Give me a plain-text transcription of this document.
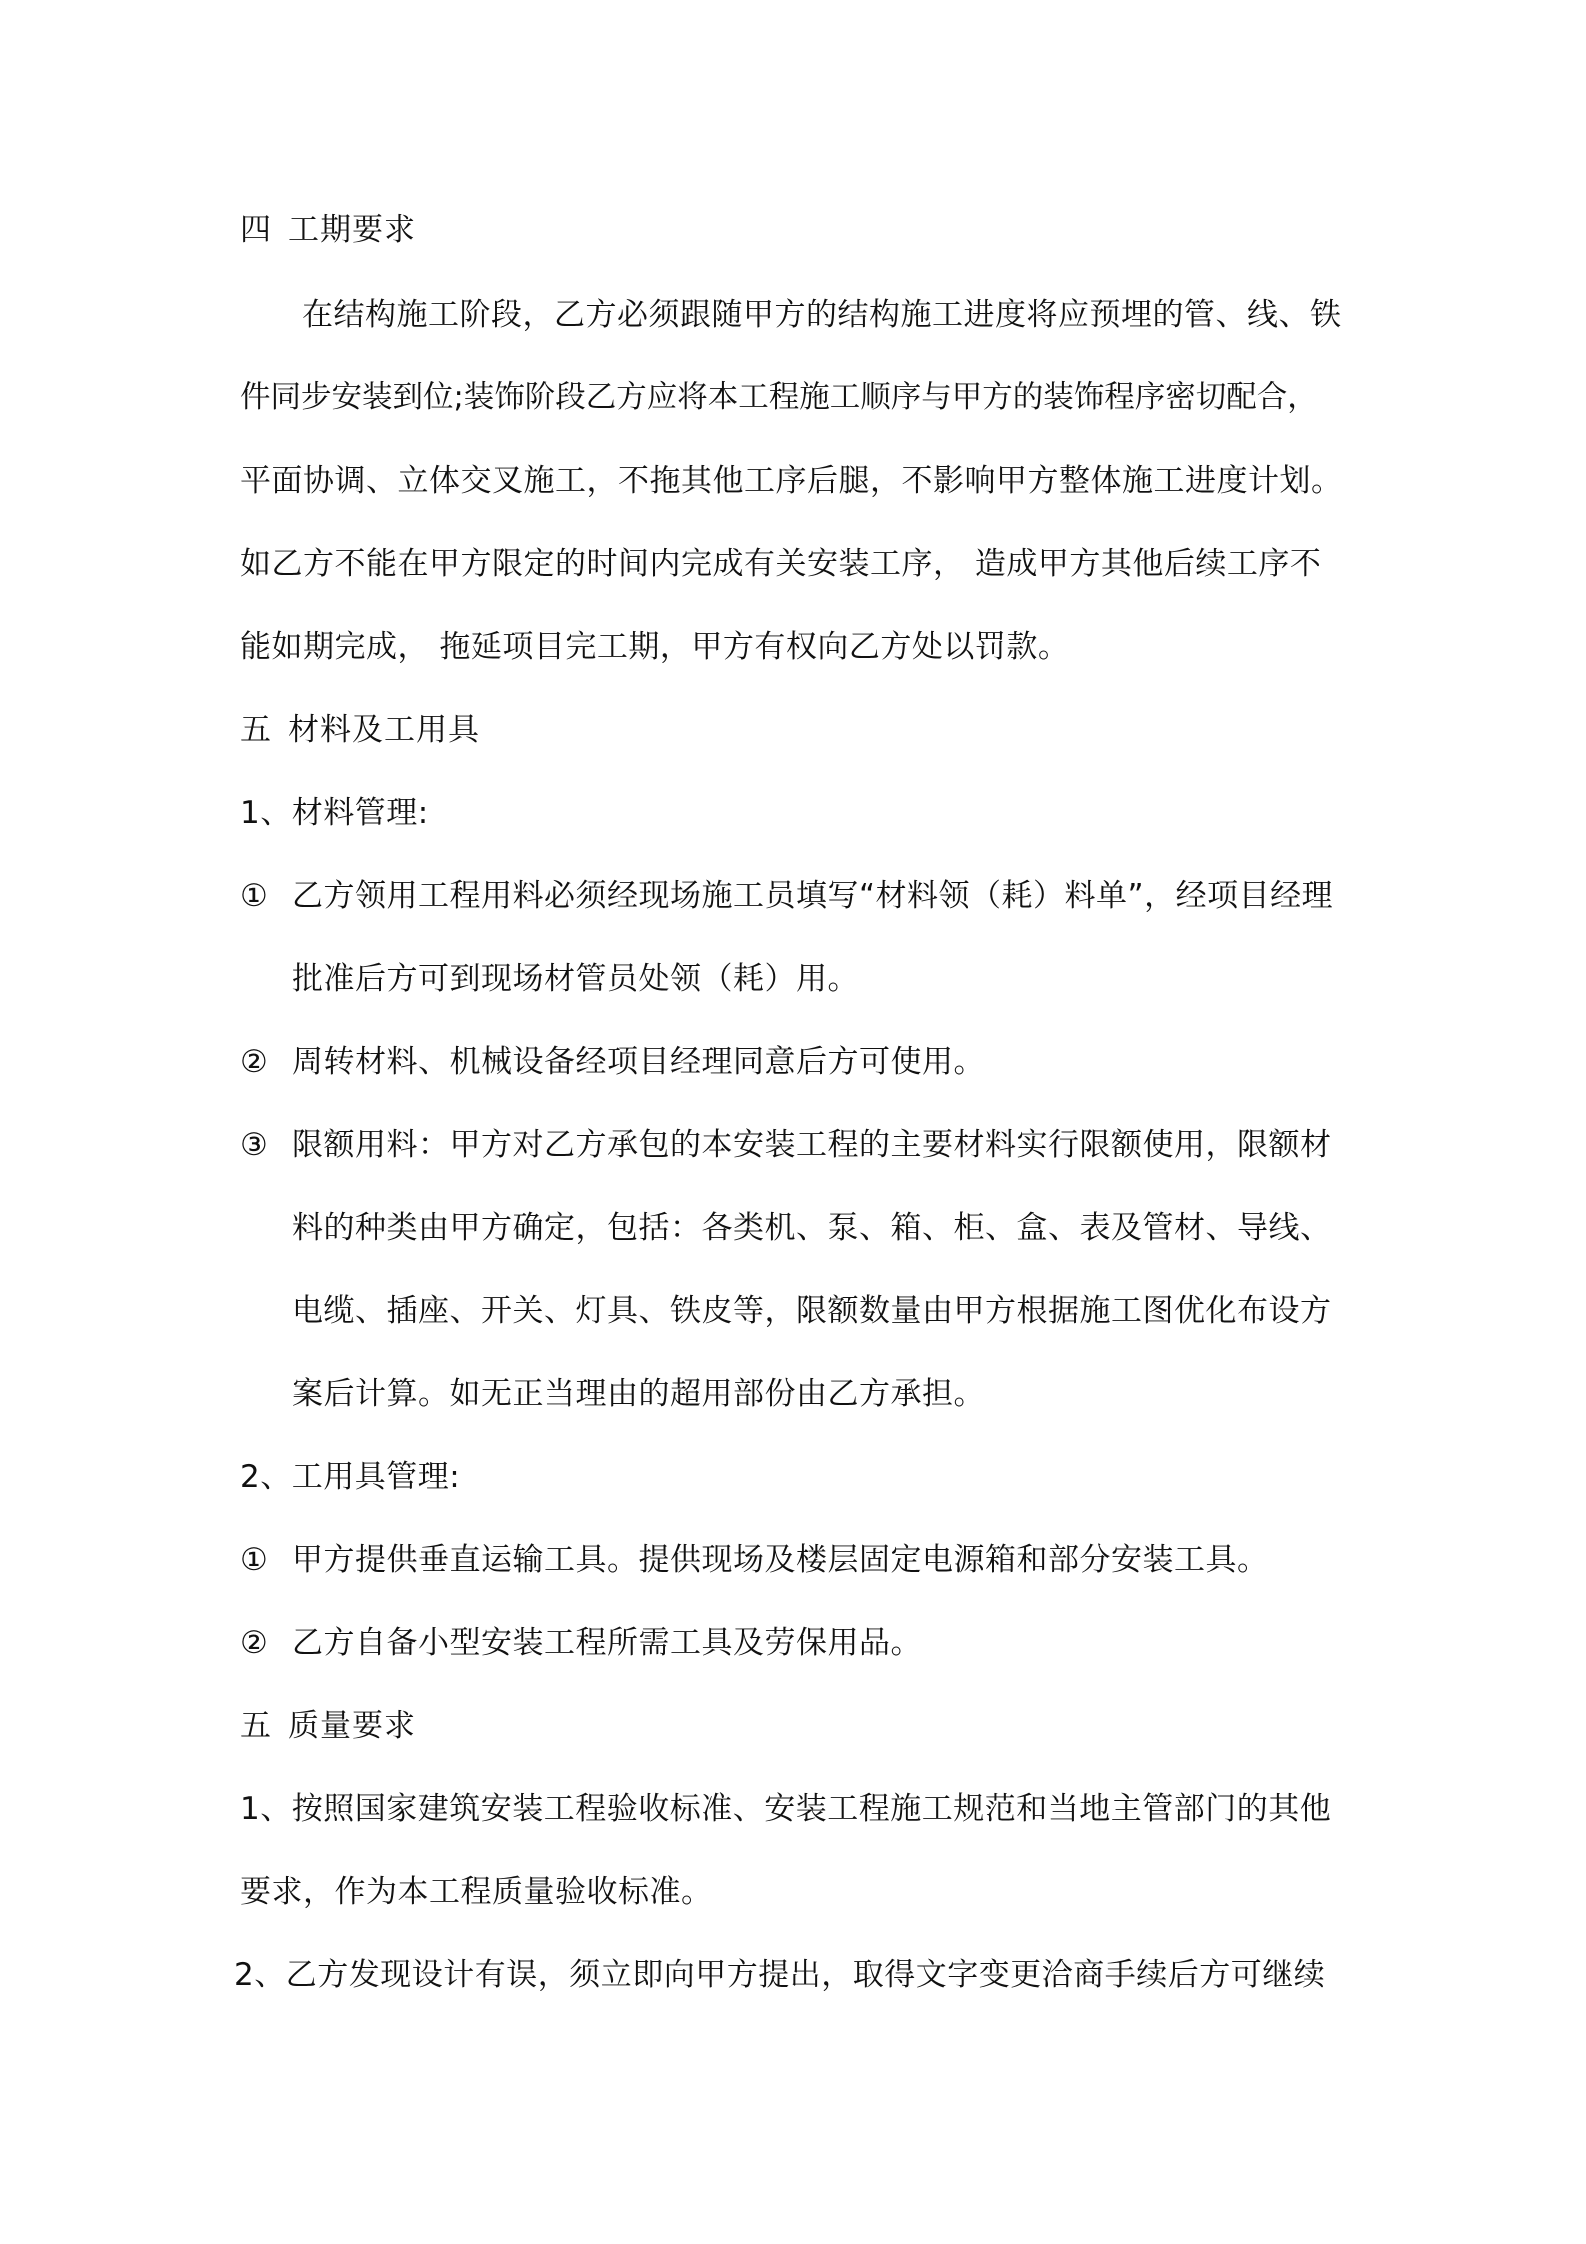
四 工期要求
在结构施工阶段，乙方必须跟随甲方的结构施工进度将应预埋的管、线、铁
件同步安装到位;装饰阶段乙方应将本工程施工顺序与甲方的装饰程序密切配合，
平面协调、立体交叉施工，不拖其他工序后腿，不影响甲方整体施工进度计划。
如乙方不能在甲方限定的时间内完成有关安装工序， 造成甲方其他后续工序不
能如期完成， 拖延项目完工期，甲方有权向乙方处以罚款。
五 材料及工用具
1、材料管理:
① 乙方领用工程用料必须经现场施工员填写“材料领（耗）料单”，经项目经理
批准后方可到现场材管员处领（耗）用。
② 周转材料、机械设备经项目经理同意后方可使用。
③ 限额用料：甲方对乙方承包的本安装工程的主要材料实行限额使用，限额材
料的种类由甲方确定，包括：各类机、泵、箱、柜、盒、表及管材、导线、
电缆、插座、开关、灯具、铁皮等，限额数量由甲方根据施工图优化布设方
案后计算。如无正当理由的超用部份由乙方承担。
2、工用具管理:
① 甲方提供垂直运输工具。提供现场及楼层固定电源箱和部分安装工具。
② 乙方自备小型安装工程所需工具及劳保用品。
五 质量要求
1、按照国家建筑安装工程验收标准、安装工程施工规范和当地主管部门的其他
要求，作为本工程质量验收标准。
2、乙方发现设计有误，须立即向甲方提出，取得文字变更洽商手续后方可继续
